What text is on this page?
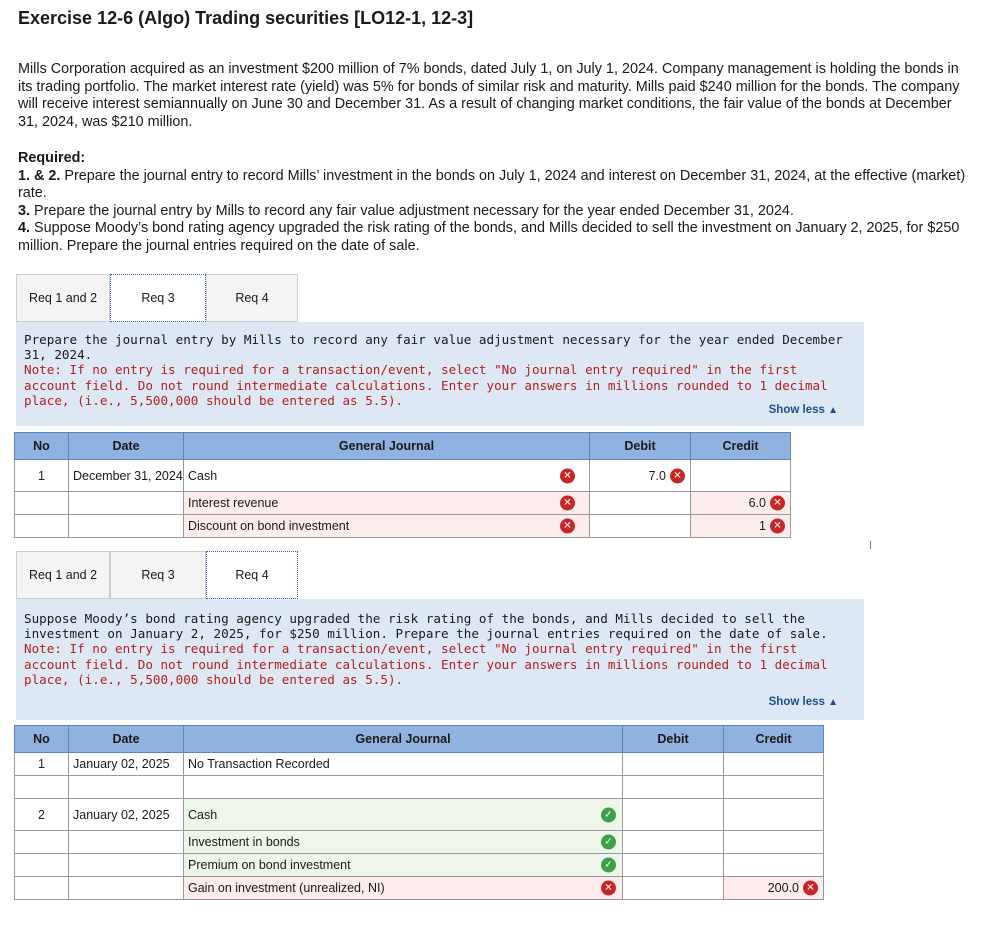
Exercise 12-6 (Algo) Trading securities [LO12-1, 12-3]
Mills Corporation acquired as an investment $200 million of 7% bonds, dated July 1, on July 1, 2024. Company management is holding the bonds in its trading portfolio. The market interest rate (yield) was 5% for bonds of similar risk and maturity. Mills paid $240 million for the bonds. The company will receive interest semiannually on June 30 and December 31. As a result of changing market conditions, the fair value of the bonds at December 31, 2024, was $210 million.
Required:
1. & 2. Prepare the journal entry to record Mills’ investment in the bonds on July 1, 2024 and interest on December 31, 2024, at the effective (market) rate.
3. Prepare the journal entry by Mills to record any fair value adjustment necessary for the year ended December 31, 2024.
4. Suppose Moody’s bond rating agency upgraded the risk rating of the bonds, and Mills decided to sell the investment on January 2, 2025, for $250 million. Prepare the journal entries required on the date of sale.
Req 1 and 2	Req 3	Req 4
Prepare the journal entry by Mills to record any fair value adjustment necessary for the year ended December 31, 2024.
Note: If no entry is required for a transaction/event, select "No journal entry required" in the first account field. Do not round intermediate calculations. Enter your answers in millions rounded to 1 decimal place, (i.e., 5,500,000 should be entered as 5.5).
Show less ▲
No	Date	General Journal	Debit	Credit
1	December 31, 2024	Cash ✕	7.0 ✕	

		Interest revenue ✕		6.0 ✕

		Discount on bond investment ✕		1 ✕
Req 1 and 2	Req 3	Req 4
Suppose Moody’s bond rating agency upgraded the risk rating of the bonds, and Mills decided to sell the investment on January 2, 2025, for $250 million. Prepare the journal entries required on the date of sale.
Note: If no entry is required for a transaction/event, select "No journal entry required" in the first account field. Do not round intermediate calculations. Enter your answers in millions rounded to 1 decimal place, (i.e., 5,500,000 should be entered as 5.5).
Show less ▲
No	Date	General Journal	Debit	Credit
1	January 02, 2025	No Transaction Recorded		

2	January 02, 2025	Cash ✓		

		Investment in bonds ✓		

		Premium on bond investment ✓		

		Gain on investment (unrealized, NI) ✕		200.0 ✕
